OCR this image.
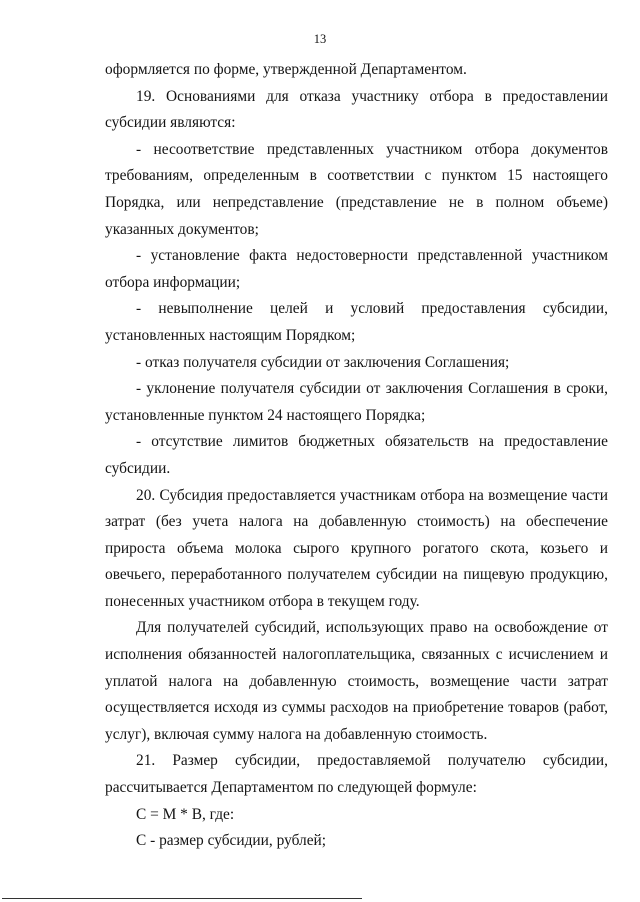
13

оформляется по форме, утвержденной Департаментом.

19. Основаниями для отказа участнику отбора в предоставлении субсидии являются:

- несоответствие представленных участником отбора документов требованиям, определенным в соответствии с пунктом 15 настоящего Порядка, или непредставление (представление не в полном объеме) указанных документов;

- установление факта недостоверности представленной участником отбора информации;

- невыполнение целей и условий предоставления субсидии, установленных настоящим Порядком;

- отказ получателя субсидии от заключения Соглашения;

- уклонение получателя субсидии от заключения Соглашения в сроки, установленные пунктом 24 настоящего Порядка;

- отсутствие лимитов бюджетных обязательств на предоставление субсидии.

20. Субсидия предоставляется участникам отбора на возмещение части затрат (без учета налога на добавленную стоимость) на обеспечение прироста объема молока сырого крупного рогатого скота, козьего и овечьего, переработанного получателем субсидии на пищевую продукцию, понесенных участником отбора в текущем году.

Для получателей субсидий, использующих право на освобождение от исполнения обязанностей налогоплательщика, связанных с исчислением и уплатой налога на добавленную стоимость, возмещение части затрат осуществляется исходя из суммы расходов на приобретение товаров (работ, услуг), включая сумму налога на добавленную стоимость.

21. Размер субсидии, предоставляемой получателю субсидии, рассчитывается Департаментом по следующей формуле:

С = М * В, где:

С - размер субсидии, рублей;
